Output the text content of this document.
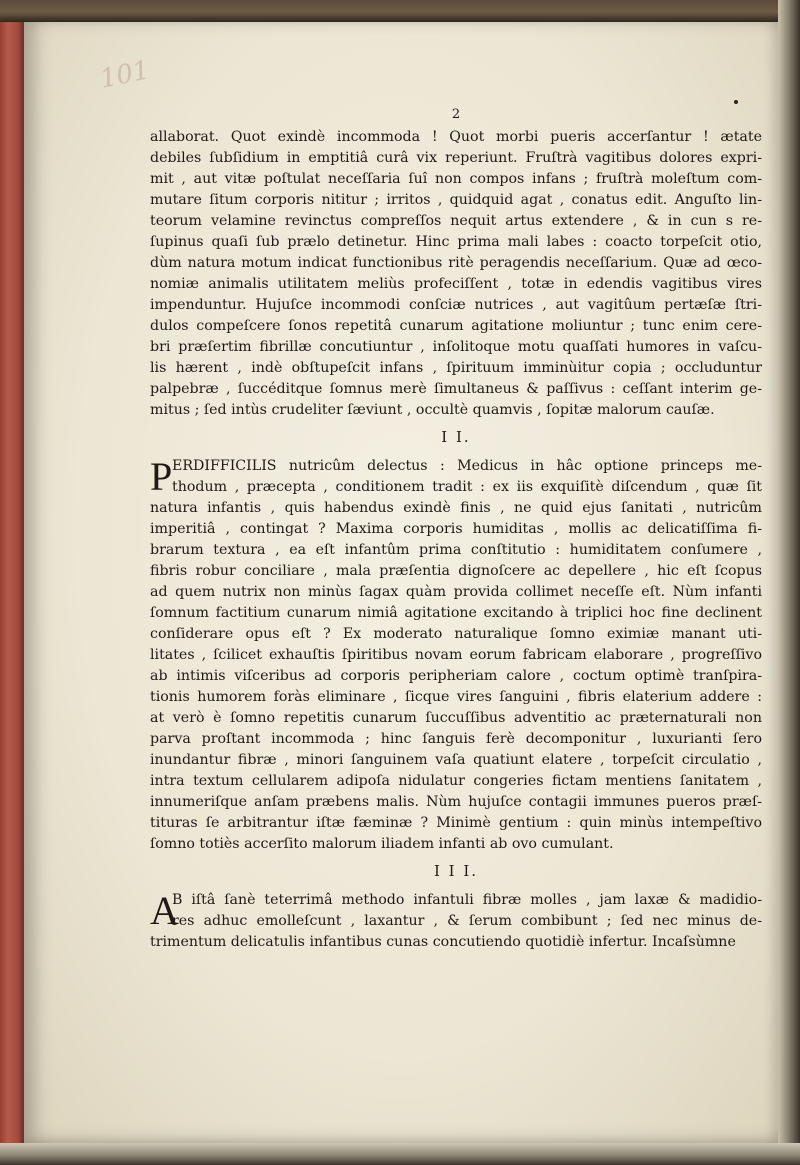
101
2
allaborat. Quot exindè incommoda ! Quot morbi pueris accerſantur ! ætate
debiles ſubſidium in emptitiâ curâ vix reperiunt. Fruſtrà vagitibus dolores expri-
mit , aut vitæ poſtulat neceſſaria ſuî non compos infans ; fruſtrà moleſtum com-
mutare ſitum corporis nititur ; irritos , quidquid agat , conatus edit. Anguſto lin-
teorum velamine revinctus compreſſos nequit artus extendere , & in cun s re-
ſupinus quaſi ſub prælo detinetur. Hinc prima mali labes : coacto torpeſcit otio,
dùm natura motum indicat functionibus ritè peragendis neceſſarium. Quæ ad œco-
nomiæ animalis utilitatem meliùs profeciſſent , totæ in edendis vagitibus vires
impenduntur. Hujuſce incommodi conſciæ nutrices , aut vagitûum pertæſæ ſtri-
dulos compeſcere ſonos repetitâ cunarum agitatione moliuntur ; tunc enim cere-
bri præſertim fibrillæ concutiuntur , inſolitoque motu quaſſati humores in vaſcu-
lis hærent , indè obſtupeſcit infans , ſpirituum imminùitur copia ; occluduntur
palpebræ , ſuccéditque ſomnus merè ſimultaneus & paſſivus : ceſſant interim ge-
mitus ; ſed intùs crudeliter ſæviunt , occultè quamvis , ſopitæ malorum cauſæ.
I I.
P ERDIFFICILIS nutricûm delectus : Medicus in hâc optione princeps me-
thodum , præcepta , conditionem tradit : ex iis exquiſitè diſcendum , quæ ſit
natura infantis , quis habendus exindè finis , ne quid ejus ſanitati , nutricûm
imperitiâ , contingat ? Maxima corporis humiditas , mollis ac delicatiſſima fi-
brarum textura , ea eſt infantûm prima conſtitutio : humiditatem conſumere ,
fibris robur conciliare , mala præſentia dignoſcere ac depellere , hic eſt ſcopus
ad quem nutrix non minùs ſagax quàm provida collimet neceſſe eſt. Nùm infanti
ſomnum factitium cunarum nimiâ agitatione excitando à triplici hoc fine declinent
conſiderare opus eſt ? Ex moderato naturalique ſomno eximiæ manant uti-
litates , ſcilicet exhauſtis ſpiritibus novam eorum fabricam elaborare , progreſſivo
ab intimis viſceribus ad corporis peripheriam calore , coctum optimè tranſpira-
tionis humorem foràs eliminare , ſicque vires ſanguini , fibris elaterium addere :
at verò è ſomno repetitis cunarum ſuccuſſibus adventitio ac præternaturali non
parva proſtant incommoda ; hinc ſanguis ferè decomponitur , luxurianti ſero
inundantur fibræ , minori ſanguinem vaſa quatiunt elatere , torpeſcit circulatio ,
intra textum cellularem adipoſa nidulatur congeries fictam mentiens ſanitatem ,
innumeriſque anſam præbens malis. Nùm hujuſce contagii immunes pueros præſ-
tituras ſe arbitrantur iſtæ fæminæ ? Minimè gentium : quin minùs intempeſtivo
ſomno totiès accerſito malorum iliadem infanti ab ovo cumulant.
I I I.
A
B iſtâ ſanè teterrimâ methodo infantuli fibræ molles , jam laxæ & madidio-
res adhuc emolleſcunt , laxantur , & ſerum combibunt ; ſed nec minus de-
trimentum delicatulis infantibus cunas concutiendo quotidiè infertur. Incaſsùmne
